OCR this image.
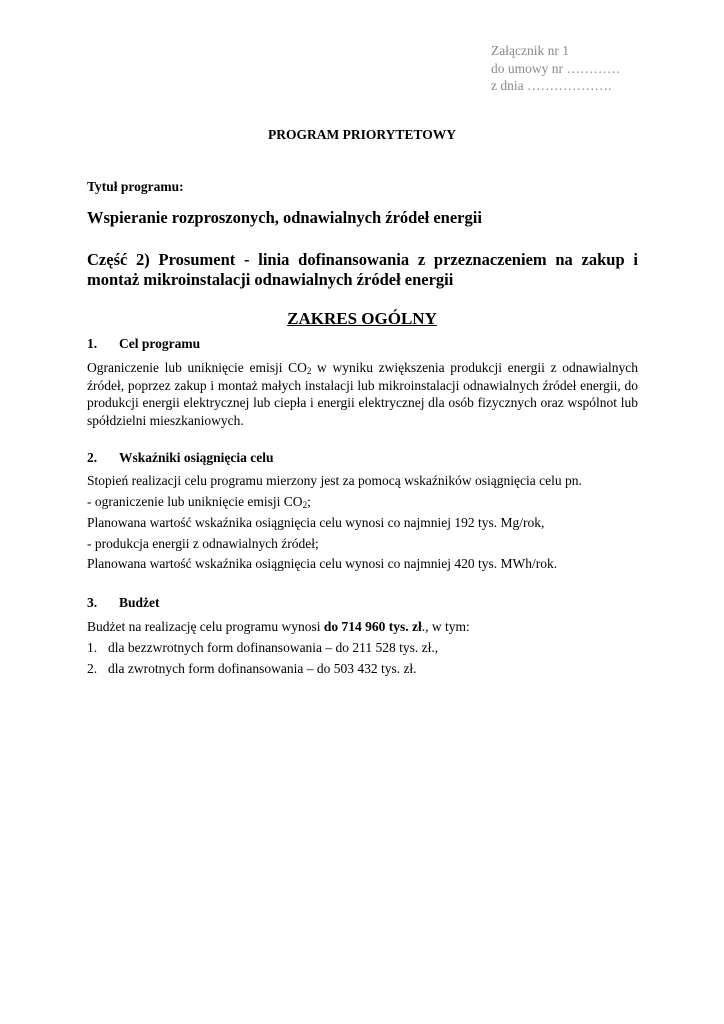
Załącznik nr 1
do umowy nr …………
z dnia ……………….
PROGRAM PRIORYTETOWY
Tytuł programu:
Wspieranie rozproszonych, odnawialnych źródeł energii
Część 2) Prosument - linia dofinansowania z przeznaczeniem na zakup i montaż mikroinstalacji odnawialnych źródeł energii
ZAKRES OGÓLNY
1. Cel programu
Ograniczenie lub uniknięcie emisji $CO_2$ w wyniku zwiększenia produkcji energii z odnawialnych źródeł, poprzez zakup i montaż małych instalacji lub mikroinstalacji odnawialnych źródeł energii, do produkcji energii elektrycznej lub ciepła i energii elektrycznej dla osób fizycznych oraz wspólnot lub spółdzielni mieszkaniowych.
2. Wskaźniki osiągnięcia celu
Stopień realizacji celu programu mierzony jest za pomocą wskaźników osiągnięcia celu pn.
- ograniczenie lub uniknięcie emisji $CO_2$;
Planowana wartość wskaźnika osiągnięcia celu wynosi co najmniej 192 tys. Mg/rok,
- produkcja energii z odnawialnych źródeł;
Planowana wartość wskaźnika osiągnięcia celu wynosi co najmniej 420 tys. MWh/rok.
3. Budżet
Budżet na realizację celu programu wynosi do 714 960 tys. zł., w tym:
1. dla bezzwrotnych form dofinansowania – do 211 528 tys. zł.,
2. dla zwrotnych form dofinansowania – do 503 432 tys. zł.
